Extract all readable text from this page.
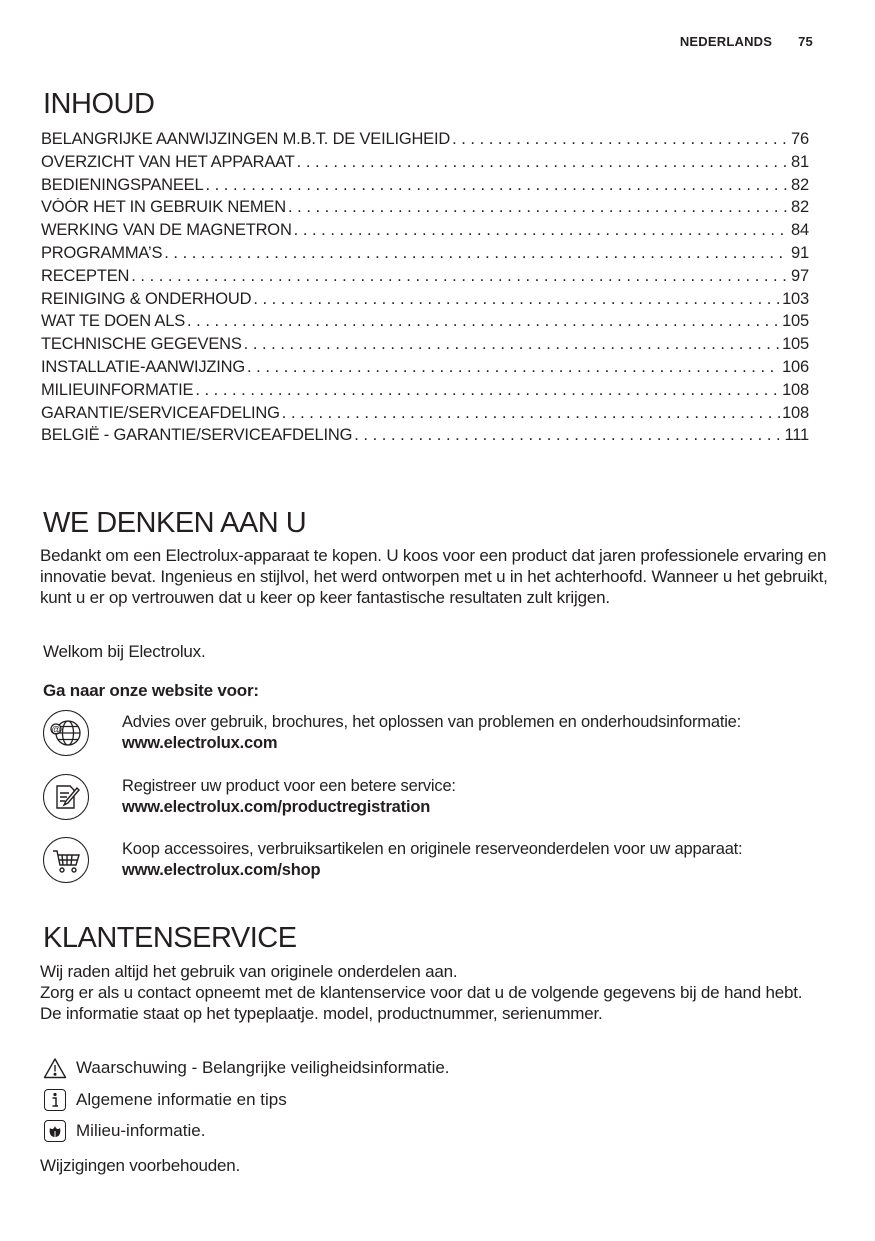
NEDERLANDS 75
INHOUD
BELANGRIJKE AANWIJZINGEN M.B.T. DE VEILIGHEID . . .	76
OVERZICHT VAN HET APPARAAT . . .	81
BEDIENINGSPANEEL . . .	82
VÓÓR HET IN GEBRUIK NEMEN . . .	82
WERKING VAN DE MAGNETRON . . .	84
PROGRAMMA’S . . .	91
RECEPTEN . . .	97
REINIGING & ONDERHOUD . . .	103
WAT TE DOEN ALS . . .	105
TECHNISCHE GEGEVENS . . .	105
INSTALLATIE-AANWIJZING . . .	106
MILIEUINFORMATIE . . .	108
GARANTIE/SERVICEAFDELING . . .	108
BELGIË - GARANTIE/SERVICEAFDELING . . .	111
WE DENKEN AAN U
Bedankt om een Electrolux-apparaat te kopen. U koos voor een product dat jaren professionele ervaring en innovatie bevat. Ingenieus en stijlvol, het werd ontworpen met u in het achterhoofd. Wanneer u het gebruikt, kunt u er op vertrouwen dat u keer op keer fantastische resultaten zult krijgen.
Welkom bij Electrolux.
Ga naar onze website voor:
@	Advies over gebruik, brochures, het oplossen van problemen en onderhoudsinformatie:
www.electrolux.com
Registreer uw product voor een betere service:
www.electrolux.com/productregistration
Koop accessoires, verbruiksartikelen en originele reserveonderdelen voor uw apparaat:
www.electrolux.com/shop
KLANTENSERVICE
Wij raden altijd het gebruik van originele onderdelen aan.
Zorg er als u contact opneemt met de klantenservice voor dat u de volgende gegevens bij de hand hebt.
De informatie staat op het typeplaatje. model, productnummer, serienummer.
Waarschuwing - Belangrijke veiligheidsinformatie.
Algemene informatie en tips
Milieu-informatie.
Wijzigingen voorbehouden.
